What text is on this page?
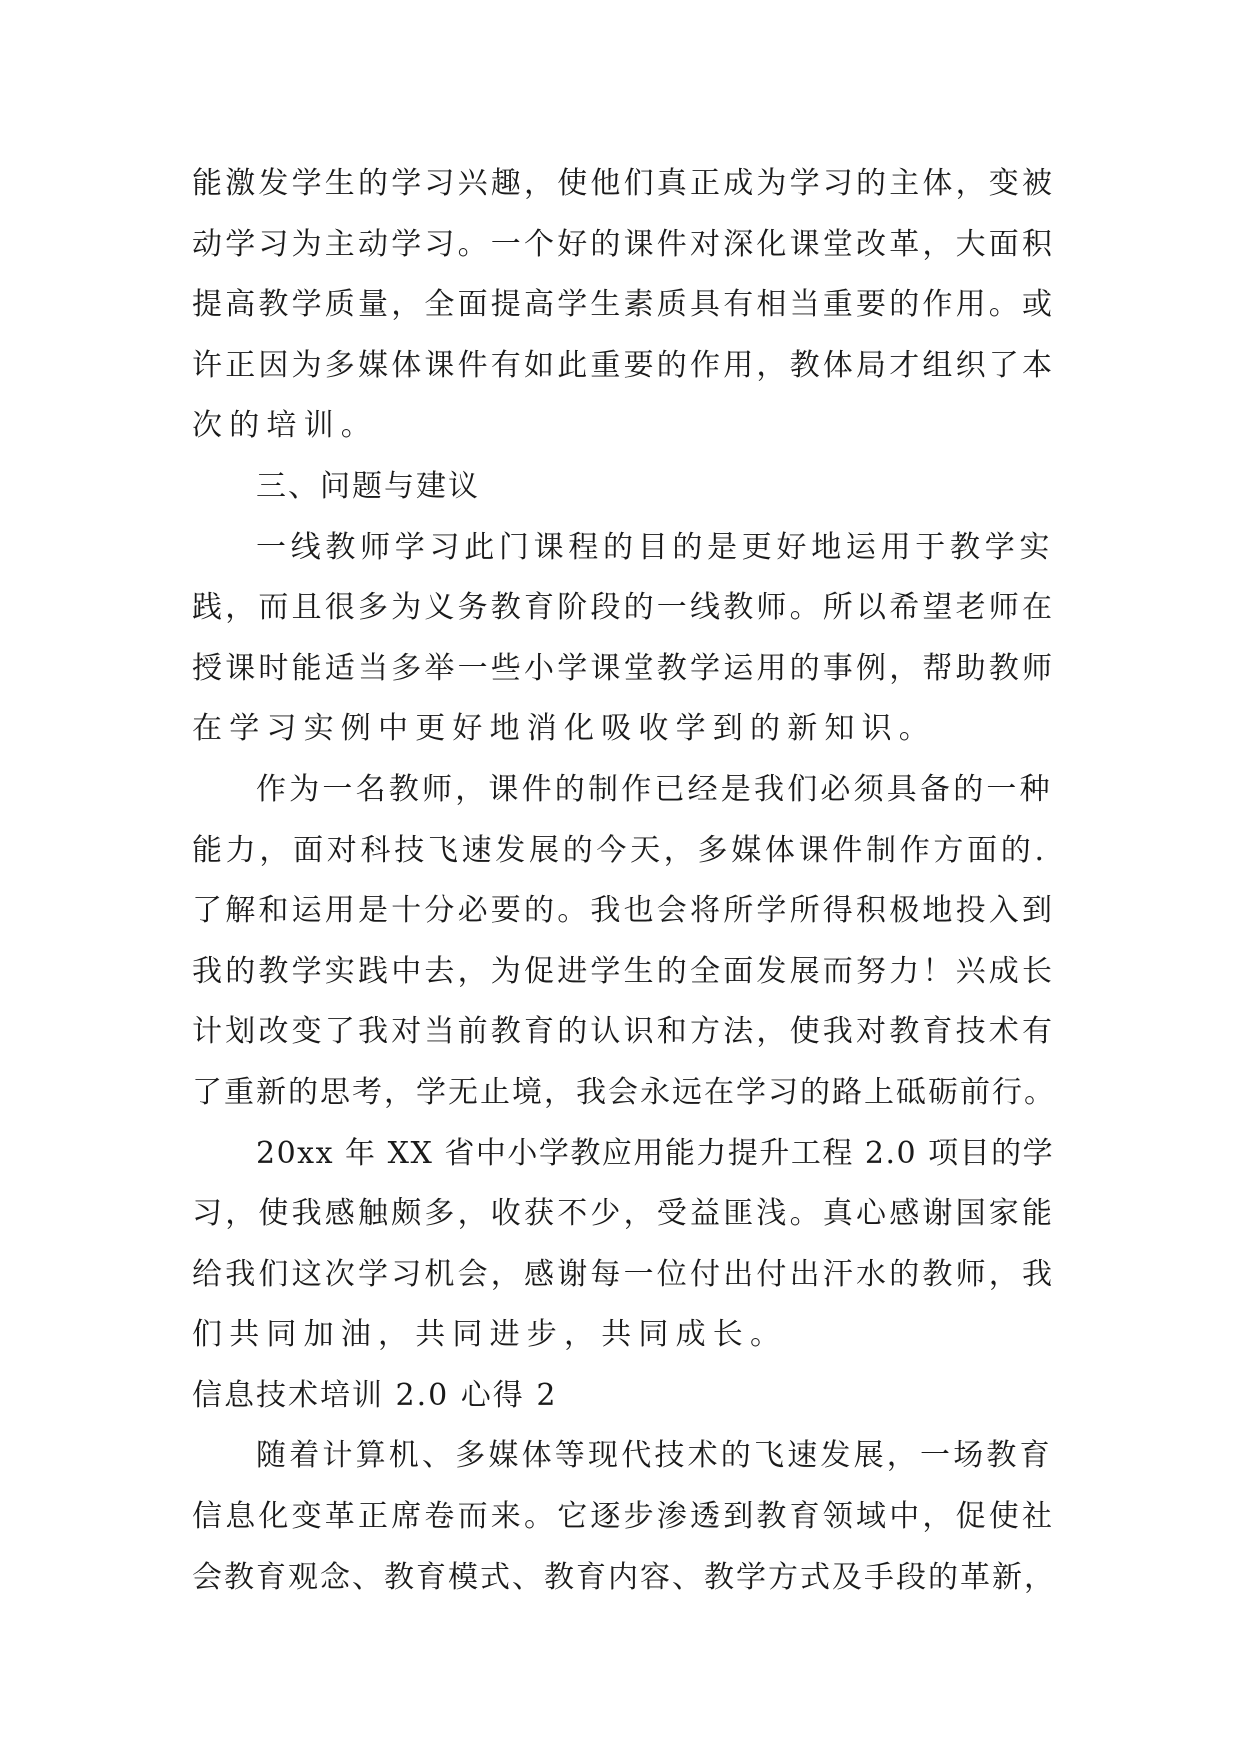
能激发学生的学习兴趣，使他们真正成为学习的主体，变被
动学习为主动学习。一个好的课件对深化课堂改革，大面积
提高教学质量，全面提高学生素质具有相当重要的作用。或
许正因为多媒体课件有如此重要的作用，教体局才组织了本
次的培训。
三、问题与建议
一线教师学习此门课程的目的是更好地运用于教学实
践，而且很多为义务教育阶段的一线教师。所以希望老师在
授课时能适当多举一些小学课堂教学运用的事例，帮助教师
在学习实例中更好地消化吸收学到的新知识。
作为一名教师，课件的制作已经是我们必须具备的一种
能力，面对科技飞速发展的今天，多媒体课件制作方面的.
了解和运用是十分必要的。我也会将所学所得积极地投入到
我的教学实践中去，为促进学生的全面发展而努力！兴成长
计划改变了我对当前教育的认识和方法，使我对教育技术有
了重新的思考，学无止境，我会永远在学习的路上砥砺前行。
20xx 年 XX 省中小学教应用能力提升工程 2.0 项目的学
习，使我感触颇多，收获不少，受益匪浅。真心感谢国家能
给我们这次学习机会，感谢每一位付出付出汗水的教师，我
们共同加油，共同进步，共同成长。
信息技术培训 2.0 心得 2
随着计算机、多媒体等现代技术的飞速发展，一场教育
信息化变革正席卷而来。它逐步渗透到教育领域中，促使社
会教育观念、教育模式、教育内容、教学方式及手段的革新，
